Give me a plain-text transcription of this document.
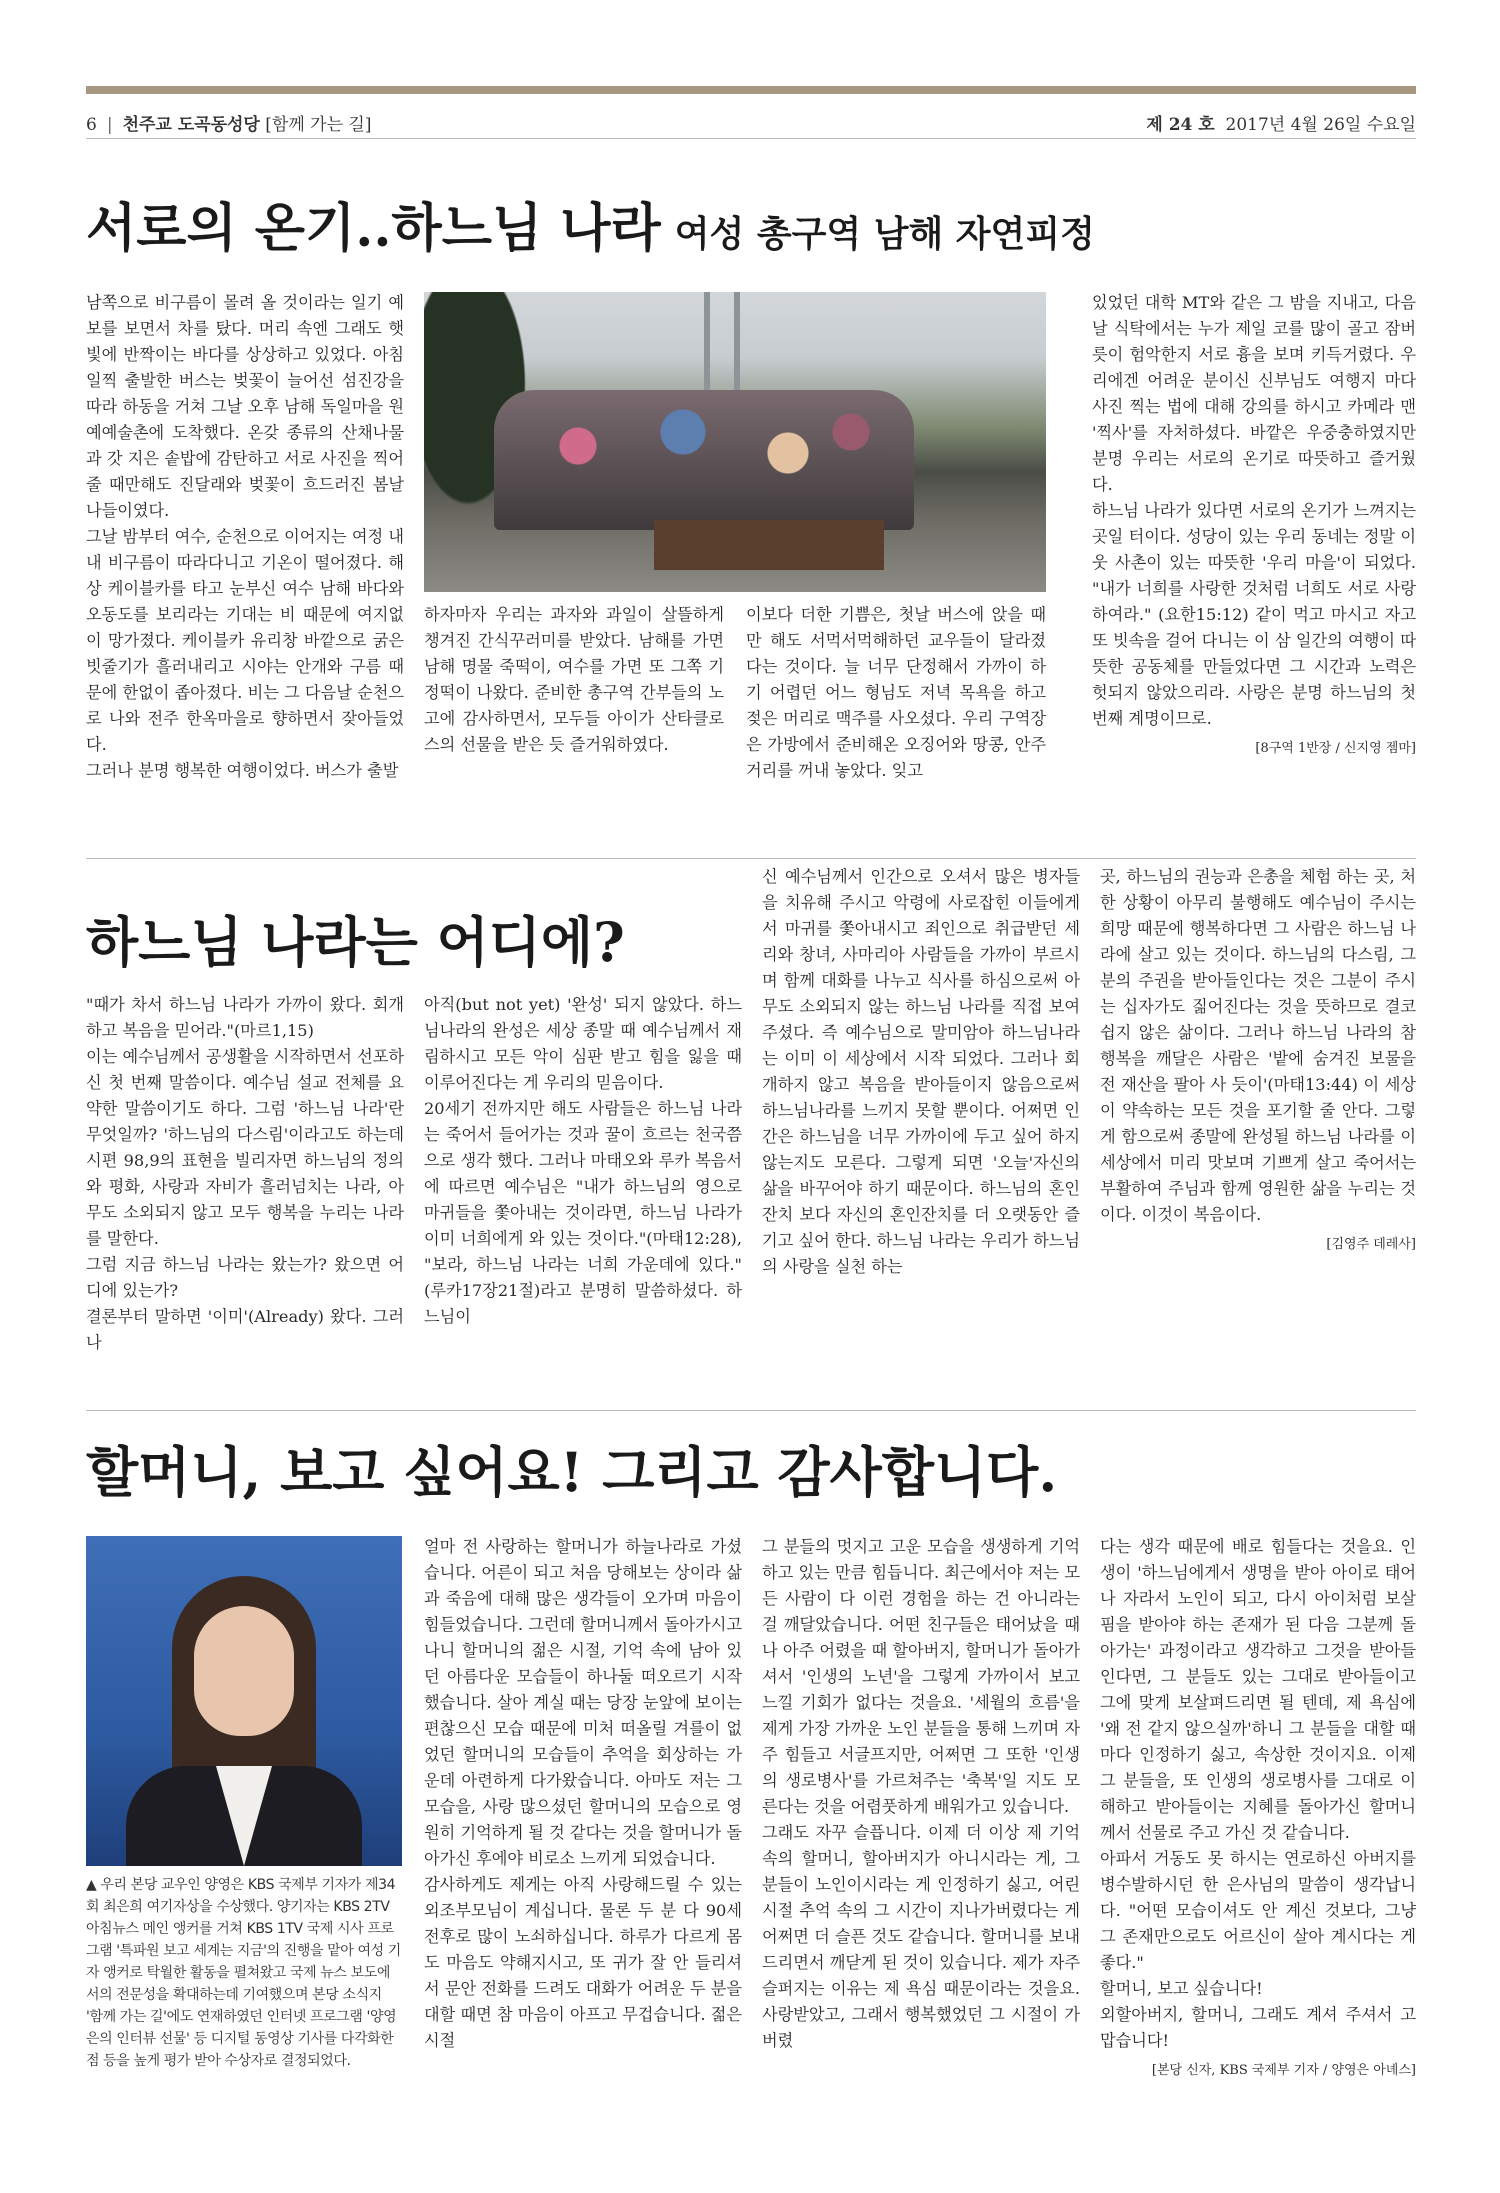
6 | 천주교 도곡동성당 [함께 가는 길]	제 24 호 2017년 4월 26일 수요일
서로의 온기..하느님 나라 여성 총구역 남해 자연피정

남쪽으로 비구름이 몰려 올 것이라는 일기 예보를 보면서 차를 탔다. 머리 속엔 그래도 햇빛에 반짝이는 바다를 상상하고 있었다. 아침 일찍 출발한 버스는 벚꽃이 늘어선 섬진강을 따라 하동을 거쳐 그날 오후 남해 독일마을 원예예술촌에 도착했다. 온갖 종류의 산채나물과 갓 지은 솥밥에 감탄하고 서로 사진을 찍어 줄 때만해도 진달래와 벚꽃이 흐드러진 봄날 나들이였다.

그날 밤부터 여수, 순천으로 이어지는 여정 내내 비구름이 따라다니고 기온이 떨어졌다. 해상 케이블카를 타고 눈부신 여수 남해 바다와 오동도를 보리라는 기대는 비 때문에 여지없이 망가졌다. 케이블카 유리창 바깥으로 굵은 빗줄기가 흘러내리고 시야는 안개와 구름 때문에 한없이 좁아졌다. 비는 그 다음날 순천으로 나와 전주 한옥마을로 향하면서 잦아들었다.

그러나 분명 행복한 여행이었다. 버스가 출발

하자마자 우리는 과자와 과일이 살뜰하게 챙겨진 간식꾸러미를 받았다. 남해를 가면 남해 명물 죽떡이, 여수를 가면 또 그쪽 기정떡이 나왔다. 준비한 총구역 간부들의 노고에 감사하면서, 모두들 아이가 산타클로스의 선물을 받은 듯 즐거워하였다.

이보다 더한 기쁨은, 첫날 버스에 앉을 때만 해도 서먹서먹해하던 교우들이 달라졌다는 것이다. 늘 너무 단정해서 가까이 하기 어렵던 어느 형님도 저녁 목욕을 하고 젖은 머리로 맥주를 사오셨다. 우리 구역장은 가방에서 준비해온 오징어와 땅콩, 안주 거리를 꺼내 놓았다. 잊고

있었던 대학 MT와 같은 그 밤을 지내고, 다음날 식탁에서는 누가 제일 코를 많이 골고 잠버릇이 험악한지 서로 흉을 보며 키득거렸다. 우리에겐 어려운 분이신 신부님도 여행지 마다 사진 찍는 법에 대해 강의를 하시고 카메라 맨 '찍사'를 자처하셨다. 바깥은 우중충하였지만 분명 우리는 서로의 온기로 따뜻하고 즐거웠다.

하느님 나라가 있다면 서로의 온기가 느껴지는 곳일 터이다. 성당이 있는 우리 동네는 정말 이웃 사촌이 있는 따뜻한 '우리 마을'이 되었다. "내가 너희를 사랑한 것처럼 너희도 서로 사랑하여라." (요한15:12) 같이 먹고 마시고 자고 또 빗속을 걸어 다니는 이 삼 일간의 여행이 따뜻한 공동체를 만들었다면 그 시간과 노력은 헛되지 않았으리라. 사랑은 분명 하느님의 첫 번째 계명이므로.

[8구역 1반장 / 신지영 젬마]
하느님 나라는 어디에?

"때가 차서 하느님 나라가 가까이 왔다. 회개하고 복음을 믿어라."(마르1,15)

이는 예수님께서 공생활을 시작하면서 선포하신 첫 번째 말씀이다. 예수님 설교 전체를 요약한 말씀이기도 하다. 그럼 '하느님 나라'란 무엇일까? '하느님의 다스림'이라고도 하는데 시편 98,9의 표현을 빌리자면 하느님의 정의와 평화, 사랑과 자비가 흘러넘치는 나라, 아무도 소외되지 않고 모두 행복을 누리는 나라를 말한다.

그럼 지금 하느님 나라는 왔는가? 왔으면 어디에 있는가?

결론부터 말하면 '이미'(Already) 왔다. 그러나

아직(but not yet) '완성' 되지 않았다. 하느님나라의 완성은 세상 종말 때 예수님께서 재림하시고 모든 악이 심판 받고 힘을 잃을 때 이루어진다는 게 우리의 믿음이다.

20세기 전까지만 해도 사람들은 하느님 나라는 죽어서 들어가는 것과 꿀이 흐르는 천국쯤으로 생각 했다. 그러나 마태오와 루카 복음서에 따르면 예수님은 "내가 하느님의 영으로 마귀들을 쫓아내는 것이라면, 하느님 나라가 이미 너희에게 와 있는 것이다."(마태12:28), "보라, 하느님 나라는 너희 가운데에 있다."(루카17장21절)라고 분명히 말씀하셨다. 하느님이

신 예수님께서 인간으로 오셔서 많은 병자들을 치유해 주시고 악령에 사로잡힌 이들에게서 마귀를 쫓아내시고 죄인으로 취급받던 세리와 창녀, 사마리아 사람들을 가까이 부르시며 함께 대화를 나누고 식사를 하심으로써 아무도 소외되지 않는 하느님 나라를 직접 보여 주셨다. 즉 예수님으로 말미암아 하느님나라는 이미 이 세상에서 시작 되었다. 그러나 회개하지 않고 복음을 받아들이지 않음으로써 하느님나라를 느끼지 못할 뿐이다. 어쩌면 인간은 하느님을 너무 가까이에 두고 싶어 하지 않는지도 모른다. 그렇게 되면 '오늘'자신의 삶을 바꾸어야 하기 때문이다. 하느님의 혼인잔치 보다 자신의 혼인잔치를 더 오랫동안 즐기고 싶어 한다. 하느님 나라는 우리가 하느님의 사랑을 실천 하는

곳, 하느님의 권능과 은총을 체험 하는 곳, 처한 상황이 아무리 불행해도 예수님이 주시는 희망 때문에 행복하다면 그 사람은 하느님 나라에 살고 있는 것이다. 하느님의 다스림, 그분의 주권을 받아들인다는 것은 그분이 주시는 십자가도 짊어진다는 것을 뜻하므로 결코 쉽지 않은 삶이다. 그러나 하느님 나라의 참 행복을 깨달은 사람은 '밭에 숨겨진 보물을 전 재산을 팔아 사 듯이'(마태13:44) 이 세상이 약속하는 모든 것을 포기할 줄 안다. 그렇게 함으로써 종말에 완성될 하느님 나라를 이 세상에서 미리 맛보며 기쁘게 살고 죽어서는 부활하여 주님과 함께 영원한 삶을 누리는 것이다. 이것이 복음이다.

[김영주 데레사]
할머니, 보고 싶어요! 그리고 감사합니다.
▲ 우리 본당 교우인 양영은 KBS 국제부 기자가 제34회 최은희 여기자상을 수상했다. 양기자는 KBS 2TV 아침뉴스 메인 앵커를 거쳐 KBS 1TV 국제 시사 프로그램 '특파원 보고 세계는 지금'의 진행을 맡아 여성 기자 앵커로 탁월한 활동을 펼쳐왔고 국제 뉴스 보도에서의 전문성을 확대하는데 기여했으며 본당 소식지 '함께 가는 길'에도 연재하였던 인터넷 프로그램 '양영은의 인터뷰 선물' 등 디지털 동영상 기사를 다각화한 점 등을 높게 평가 받아 수상자로 결정되었다.

얼마 전 사랑하는 할머니가 하늘나라로 가셨습니다. 어른이 되고 처음 당해보는 상이라 삶과 죽음에 대해 많은 생각들이 오가며 마음이 힘들었습니다. 그런데 할머니께서 돌아가시고 나니 할머니의 젊은 시절, 기억 속에 남아 있던 아름다운 모습들이 하나둘 떠오르기 시작했습니다. 살아 계실 때는 당장 눈앞에 보이는 편찮으신 모습 때문에 미처 떠올릴 겨를이 없었던 할머니의 모습들이 추억을 회상하는 가운데 아련하게 다가왔습니다. 아마도 저는 그 모습을, 사랑 많으셨던 할머니의 모습으로 영원히 기억하게 될 것 같다는 것을 할머니가 돌아가신 후에야 비로소 느끼게 되었습니다.

감사하게도 제게는 아직 사랑해드릴 수 있는 외조부모님이 계십니다. 물론 두 분 다 90세 전후로 많이 노쇠하십니다. 하루가 다르게 몸도 마음도 약해지시고, 또 귀가 잘 안 들리셔서 문안 전화를 드려도 대화가 어려운 두 분을 대할 때면 참 마음이 아프고 무겁습니다. 젊은 시절

그 분들의 멋지고 고운 모습을 생생하게 기억하고 있는 만큼 힘듭니다. 최근에서야 저는 모든 사람이 다 이런 경험을 하는 건 아니라는 걸 깨달았습니다. 어떤 친구들은 태어났을 때나 아주 어렸을 때 할아버지, 할머니가 돌아가셔서 '인생의 노년'을 그렇게 가까이서 보고 느낄 기회가 없다는 것을요. '세월의 흐름'을 제게 가장 가까운 노인 분들을 통해 느끼며 자주 힘들고 서글프지만, 어쩌면 그 또한 '인생의 생로병사'를 가르쳐주는 '축복'일 지도 모른다는 것을 어렴풋하게 배워가고 있습니다.

그래도 자꾸 슬픕니다. 이제 더 이상 제 기억 속의 할머니, 할아버지가 아니시라는 게, 그 분들이 노인이시라는 게 인정하기 싫고, 어린 시절 추억 속의 그 시간이 지나가버렸다는 게 어쩌면 더 슬픈 것도 같습니다. 할머니를 보내드리면서 깨닫게 된 것이 있습니다. 제가 자주 슬퍼지는 이유는 제 욕심 때문이라는 것을요. 사랑받았고, 그래서 행복했었던 그 시절이 가버렸

다는 생각 때문에 배로 힘들다는 것을요. 인생이 '하느님에게서 생명을 받아 아이로 태어나 자라서 노인이 되고, 다시 아이처럼 보살핌을 받아야 하는 존재가 된 다음 그분께 돌아가는' 과정이라고 생각하고 그것을 받아들인다면, 그 분들도 있는 그대로 받아들이고 그에 맞게 보살펴드리면 될 텐데, 제 욕심에 '왜 전 같지 않으실까'하니 그 분들을 대할 때마다 인정하기 싫고, 속상한 것이지요. 이제 그 분들을, 또 인생의 생로병사를 그대로 이해하고 받아들이는 지혜를 돌아가신 할머니께서 선물로 주고 가신 것 같습니다.

아파서 거동도 못 하시는 연로하신 아버지를 병수발하시던 한 은사님의 말씀이 생각납니다. "어떤 모습이셔도 안 계신 것보다, 그냥 그 존재만으로도 어르신이 살아 계시다는 게 좋다."

할머니, 보고 싶습니다!

외할아버지, 할머니, 그래도 계셔 주셔서 고맙습니다!

[본당 신자, KBS 국제부 기자 / 양영은 아녜스]
